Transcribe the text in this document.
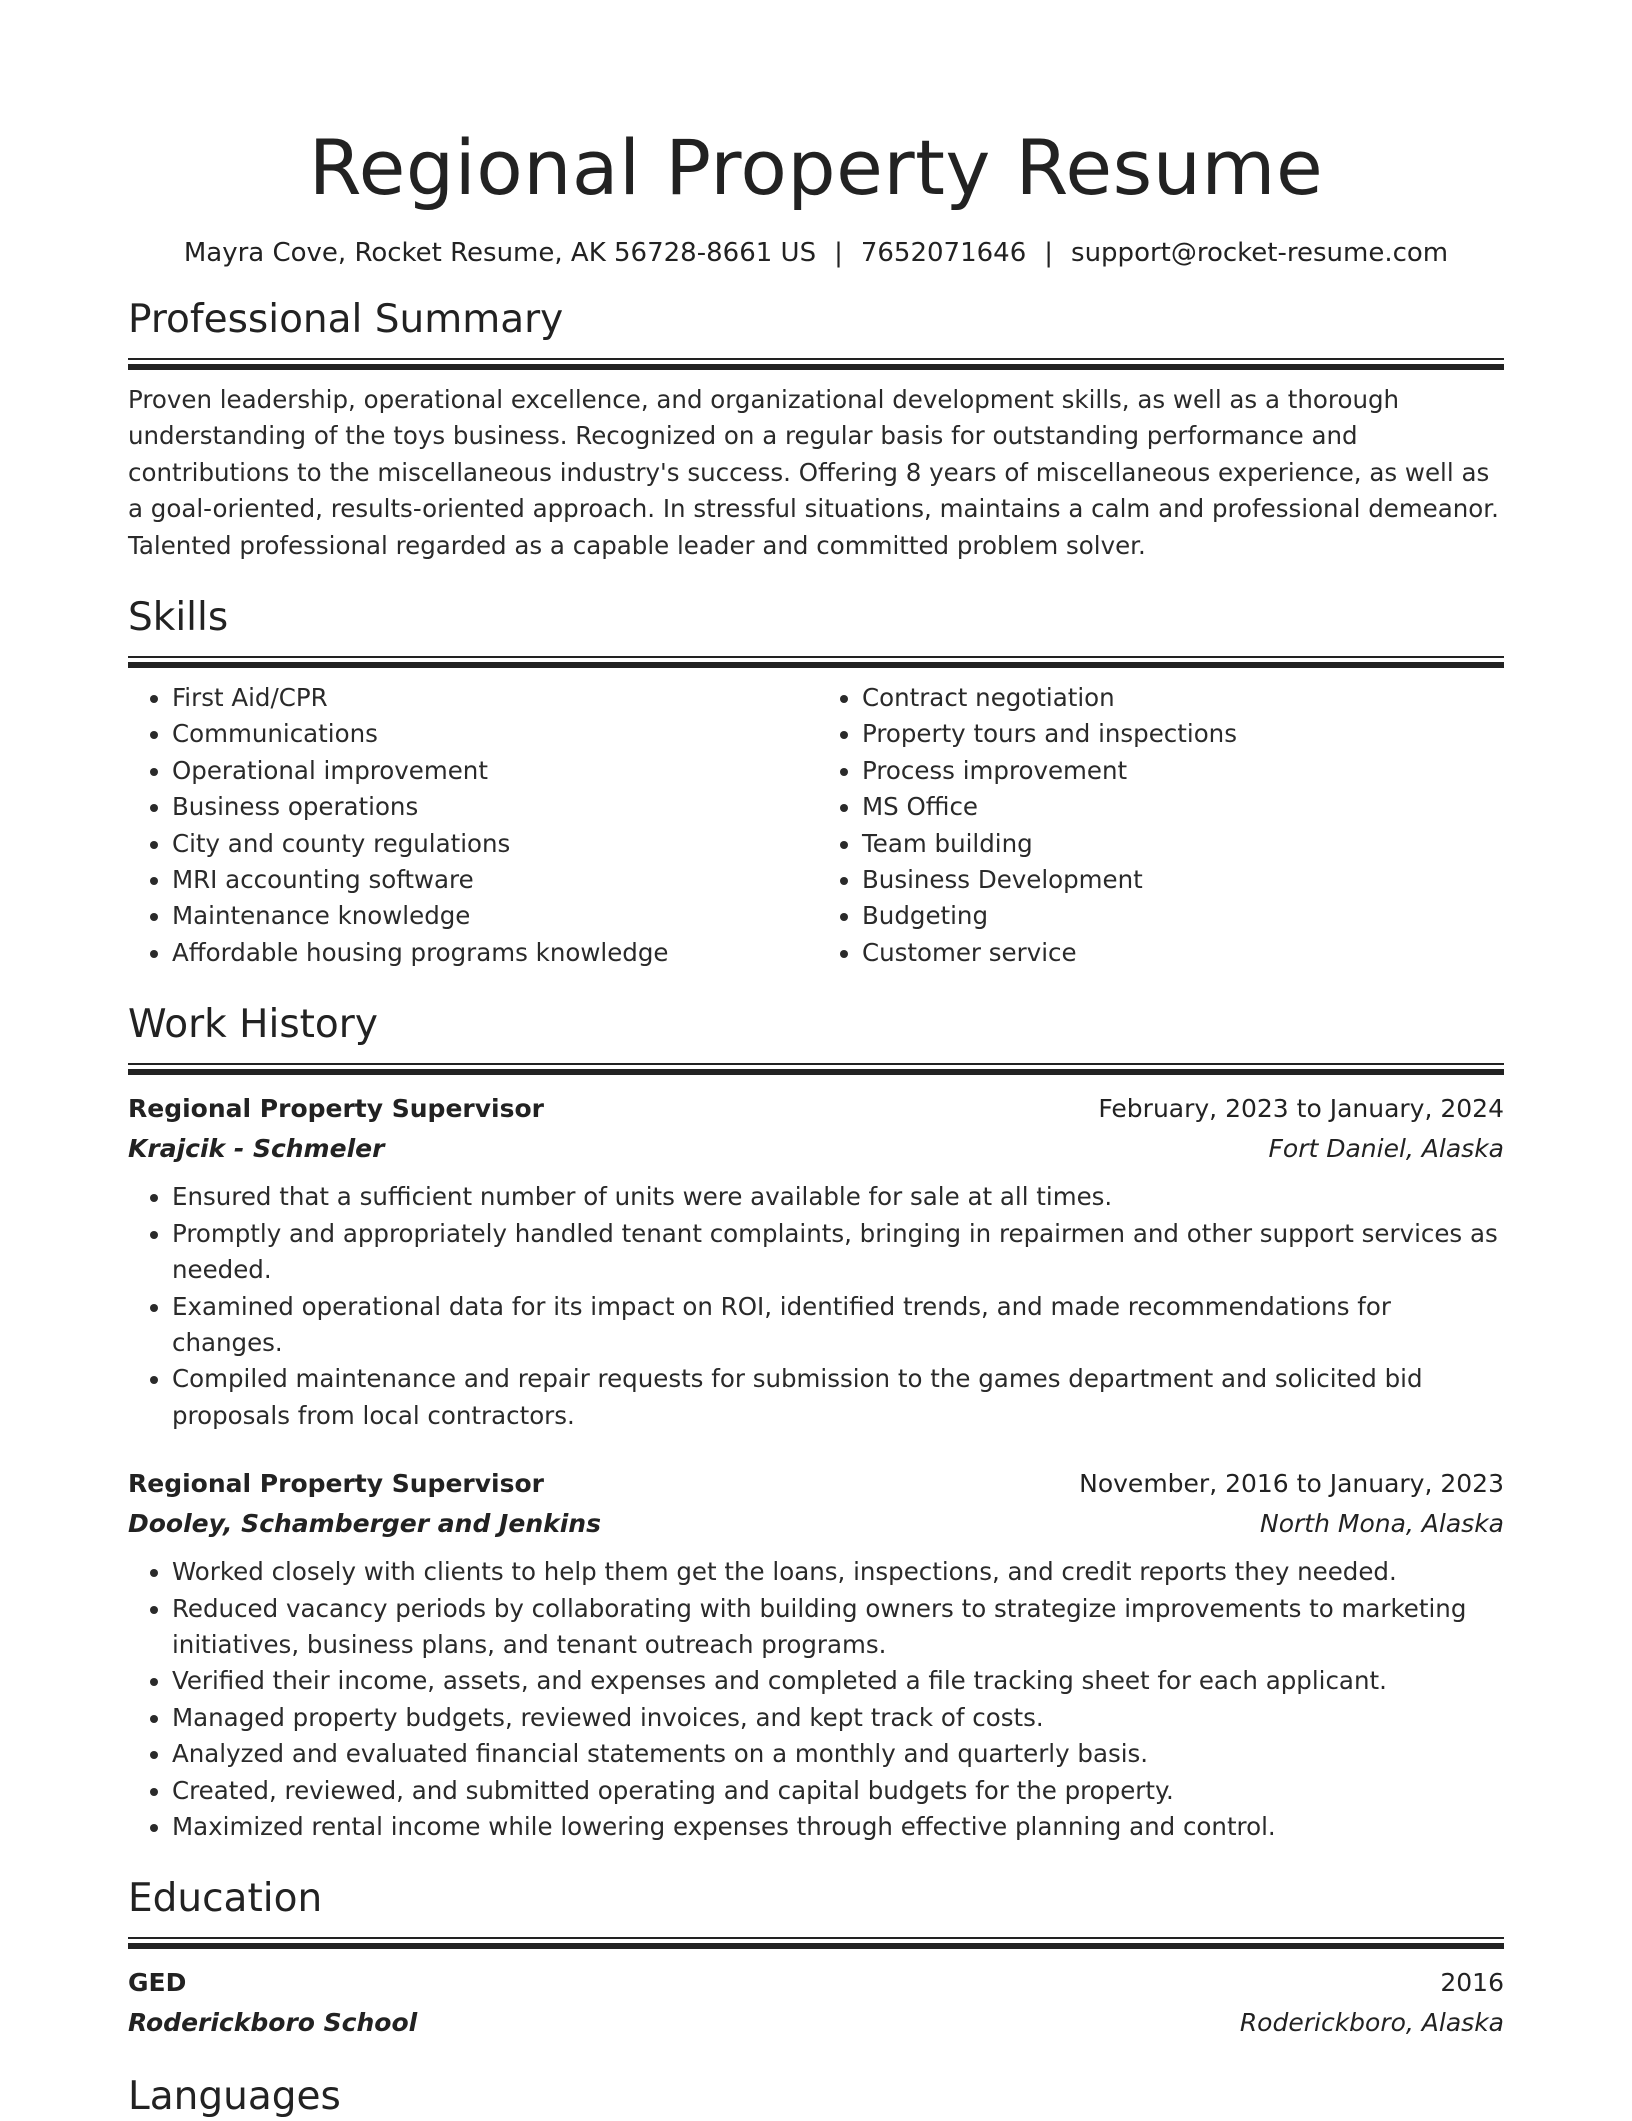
Regional Property Resume
Mayra Cove, Rocket Resume, AK 56728-8661 US | 7652071646 | support@rocket-resume.com
Professional Summary
Proven leadership, operational excellence, and organizational development skills, as well as a thorough understanding of the toys business. Recognized on a regular basis for outstanding performance and contributions to the miscellaneous industry's success. Offering 8 years of miscellaneous experience, as well as a goal-oriented, results-oriented approach. In stressful situations, maintains a calm and professional demeanor. Talented professional regarded as a capable leader and committed problem solver.
Skills
• First Aid/CPR
• Communications
• Operational improvement
• Business operations
• City and county regulations
• MRI accounting software
• Maintenance knowledge
• Affordable housing programs knowledge
• Contract negotiation
• Property tours and inspections
• Process improvement
• MS Office
• Team building
• Business Development
• Budgeting
• Customer service
Work History
Regional Property Supervisor	February, 2023 to January, 2024
Krajcik - Schmeler	Fort Daniel, Alaska
• Ensured that a sufficient number of units were available for sale at all times.
• Promptly and appropriately handled tenant complaints, bringing in repairmen and other support services as needed.
• Examined operational data for its impact on ROI, identified trends, and made recommendations for changes.
• Compiled maintenance and repair requests for submission to the games department and solicited bid proposals from local contractors.
Regional Property Supervisor	November, 2016 to January, 2023
Dooley, Schamberger and Jenkins	North Mona, Alaska
• Worked closely with clients to help them get the loans, inspections, and credit reports they needed.
• Reduced vacancy periods by collaborating with building owners to strategize improvements to marketing initiatives, business plans, and tenant outreach programs.
• Verified their income, assets, and expenses and completed a file tracking sheet for each applicant.
• Managed property budgets, reviewed invoices, and kept track of costs.
• Analyzed and evaluated financial statements on a monthly and quarterly basis.
• Created, reviewed, and submitted operating and capital budgets for the property.
• Maximized rental income while lowering expenses through effective planning and control.
Education
GED	2016
Roderickboro School	Roderickboro, Alaska
Languages
